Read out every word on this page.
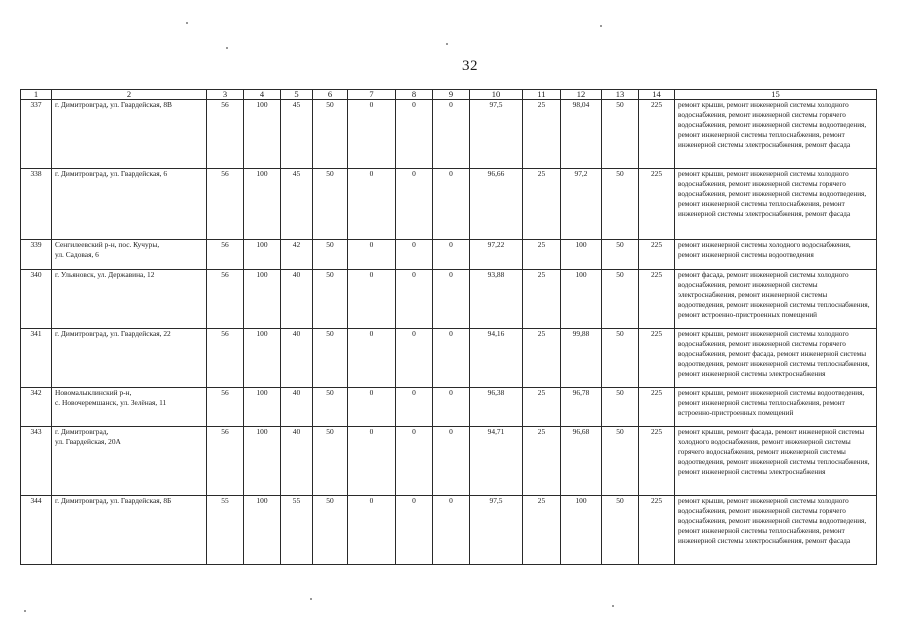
32
1	2	3	4	5	6	7	8	9	10	11	12	13	14	15
337	г. Димитровград, ул. Гвардейская, 8В	56	100	45	50	0	0	0	97,5	25	98,04	50	225	ремонт крыши, ремонт инженерной системы холодного водоснабжения, ремонт инженерной системы горячего водоснабжения, ремонт инженерной системы водоотведения, ремонт инженерной системы теплоснабжения, ремонт инженерной системы электроснабжения, ремонт фасада
338	г. Димитровград, ул. Гвардейская, 6	56	100	45	50	0	0	0	96,66	25	97,2	50	225	ремонт крыши, ремонт инженерной системы холодного водоснабжения, ремонт инженерной системы горячего водоснабжения, ремонт инженерной системы водоотведения, ремонт инженерной системы теплоснабжения, ремонт инженерной системы электроснабжения, ремонт фасада
339	Сенгилеевский р-н, пос. Кучуры,
ул. Садовая, 6	56	100	42	50	0	0	0	97,22	25	100	50	225	ремонт инженерной системы холодного водоснабжения, ремонт инженерной системы водоотведения
340	г. Ульяновск, ул. Державина, 12	56	100	40	50	0	0	0	93,88	25	100	50	225	ремонт фасада, ремонт инженерной системы холодного водоснабжения, ремонт инженерной системы электроснабжения, ремонт инженерной системы водоотведения, ремонт инженерной системы теплоснабжения, ремонт встроенно-пристроенных помещений
341	г. Димитровград, ул. Гвардейская, 22	56	100	40	50	0	0	0	94,16	25	99,88	50	225	ремонт крыши, ремонт инженерной системы холодного водоснабжения, ремонт инженерной системы горячего водоснабжения, ремонт фасада, ремонт инженерной системы водоотведения, ремонт инженерной системы теплоснабжения, ремонт инженерной системы электроснабжения
342	Новомалыклинский р-н,
с. Новочеремшанск, ул. Зелёная, 11	56	100	40	50	0	0	0	96,38	25	96,78	50	225	ремонт крыши, ремонт инженерной системы водоотведения, ремонт инженерной системы теплоснабжения, ремонт встроенно-пристроенных помещений
343	г. Димитровград,
ул. Гвардейская, 20А	56	100	40	50	0	0	0	94,71	25	96,68	50	225	ремонт крыши, ремонт фасада, ремонт инженерной системы холодного водоснабжения, ремонт инженерной системы горячего водоснабжения, ремонт инженерной системы водоотведения, ремонт инженерной системы теплоснабжения, ремонт инженерной системы электроснабжения
344	г. Димитровград, ул. Гвардейская, 8Б	55	100	55	50	0	0	0	97,5	25	100	50	225	ремонт крыши, ремонт инженерной системы холодного водоснабжения, ремонт инженерной системы горячего водоснабжения, ремонт инженерной системы водоотведения, ремонт инженерной системы теплоснабжения, ремонт инженерной системы электроснабжения, ремонт фасада
